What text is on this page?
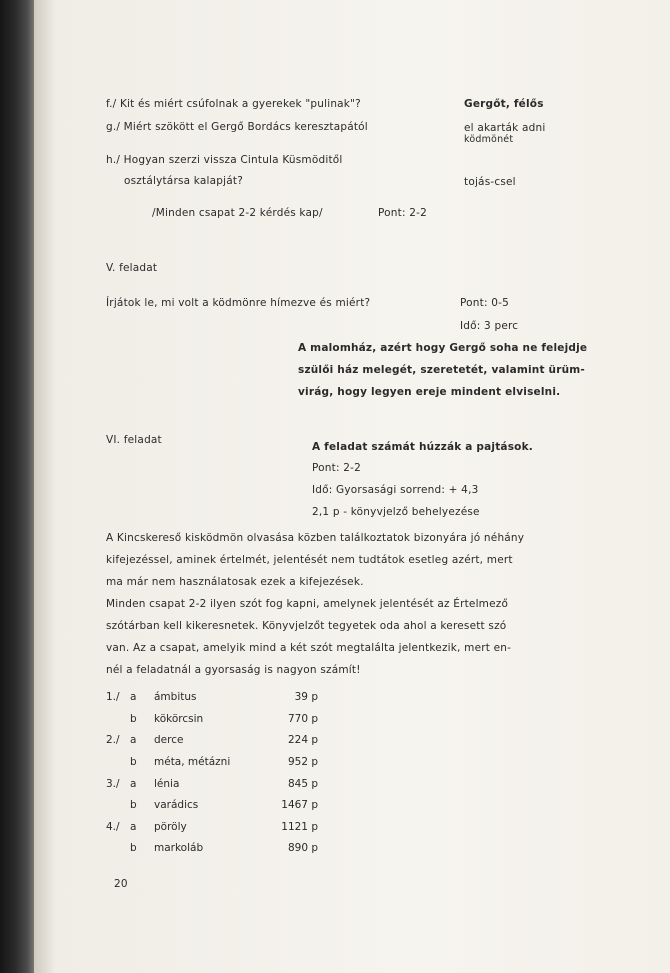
f./ Kit és miért csúfolnak a gyerekek "pulinak"?	Gergőt, félős
g./ Miért szökött el Gergő Bordács keresztapától	el akarták adni
ködmönét
h./ Hogyan szerzi vissza Cintula Küsmöditől
osztálytársa kalapját?	tojás-csel
/Minden csapat 2-2 kérdés kap/	Pont: 2-2
V. feladat
Írjátok le, mi volt a ködmönre hímezve és miért?	Pont: 0-5
Idő: 3 perc
A malomház, azért hogy Gergő soha ne felejdje
szülői ház melegét, szeretetét, valamint ürüm-
virág, hogy legyen ereje mindent elviselni.
VI. feladat
A feladat számát húzzák a pajtások.
Pont: 2-2
Idő: Gyorsasági sorrend: + 4,3
2,1 p - könyvjelző behelyezése
A Kincskereső kisködmön olvasása közben találkoztatok bizonyára jó néhány
kifejezéssel, aminek értelmét, jelentését nem tudtátok esetleg azért, mert
ma már nem használatosak ezek a kifejezések.
Minden csapat 2-2 ilyen szót fog kapni, amelynek jelentését az Értelmező
szótárban kell kikeresnetek. Könyvjelzőt tegyetek oda ahol a keresett szó
van. Az a csapat, amelyik mind a két szót megtalálta jelentkezik, mert en-
nél a feladatnál a gyorsaság is nagyon számít!
1./ a ámbitus	39 p
b kökörcsin	770 p
2./ a derce	224 p
b méta, métázni	952 p
3./ a lénia	845 p
b varádics	1467 p
4./ a pöröly	1121 p
b markoláb	890 p
20
